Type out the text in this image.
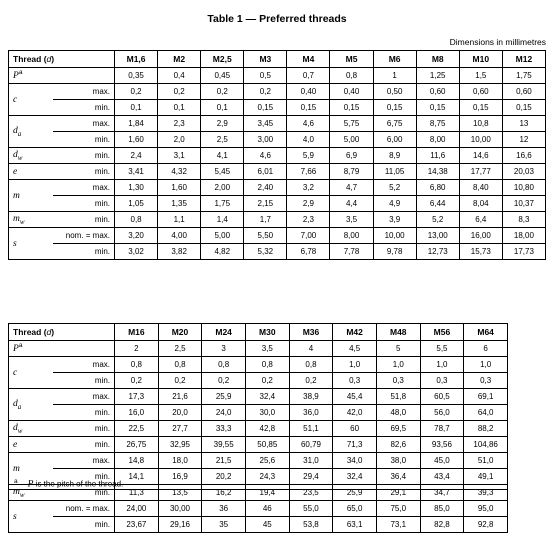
Table 1 — Preferred threads
Dimensions in millimetres
Thread (d)		M1,6	M2	M2,5	M3	M4	M5	M6	M8	M10	M12
$P^a$		0,35	0,4	0,45	0,5	0,7	0,8	1	1,25	1,5	1,75
c	max.	0,2	0,2	0,2	0,2	0,40	0,40	0,50	0,60	0,60	0,60
	min.	0,1	0,1	0,1	0,15	0,15	0,15	0,15	0,15	0,15	0,15
$d_a$	max.	1,84	2,3	2,9	3,45	4,6	5,75	6,75	8,75	10,8	13
	min.	1,60	2,0	2,5	3,00	4,0	5,00	6,00	8,00	10,00	12
$d_w$	min.	2,4	3,1	4,1	4,6	5,9	6,9	8,9	11,6	14,6	16,6
e	min.	3,41	4,32	5,45	6,01	7,66	8,79	11,05	14,38	17,77	20,03
m	max.	1,30	1,60	2,00	2,40	3,2	4,7	5,2	6,80	8,40	10,80
	min.	1,05	1,35	1,75	2,15	2,9	4,4	4,9	6,44	8,04	10,37
$m_w$	min.	0,8	1,1	1,4	1,7	2,3	3,5	3,9	5,2	6,4	8,3
s	nom. = max.	3,20	4,00	5,00	5,50	7,00	8,00	10,00	13,00	16,00	18,00
	min.	3,02	3,82	4,82	5,32	6,78	7,78	9,78	12,73	15,73	17,73
Thread (d)		M16	M20	M24	M30	M36	M42	M48	M56	M64
$P^a$		2	2,5	3	3,5	4	4,5	5	5,5	6
c	max.	0,8	0,8	0,8	0,8	0,8	1,0	1,0	1,0	1,0
	min.	0,2	0,2	0,2	0,2	0,2	0,3	0,3	0,3	0,3
$d_a$	max.	17,3	21,6	25,9	32,4	38,9	45,4	51,8	60,5	69,1
	min.	16,0	20,0	24,0	30,0	36,0	42,0	48,0	56,0	64,0
$d_w$	min.	22,5	27,7	33,3	42,8	51,1	60	69,5	78,7	88,2
e	min.	26,75	32,95	39,55	50,85	60,79	71,3	82,6	93,56	104,86
m	max.	14,8	18,0	21,5	25,6	31,0	34,0	38,0	45,0	51,0
	min.	14,1	16,9	20,2	24,3	29,4	32,4	36,4	43,4	49,1
$m_w$	min.	11,3	13,5	16,2	19,4	23,5	25,9	29,1	34,7	39,3
s	nom. = max.	24,00	30,00	36	46	55,0	65,0	75,0	85,0	95,0
	min.	23,67	29,16	35	45	53,8	63,1	73,1	82,8	92,8
$^a$ P is the pitch of the thread.
